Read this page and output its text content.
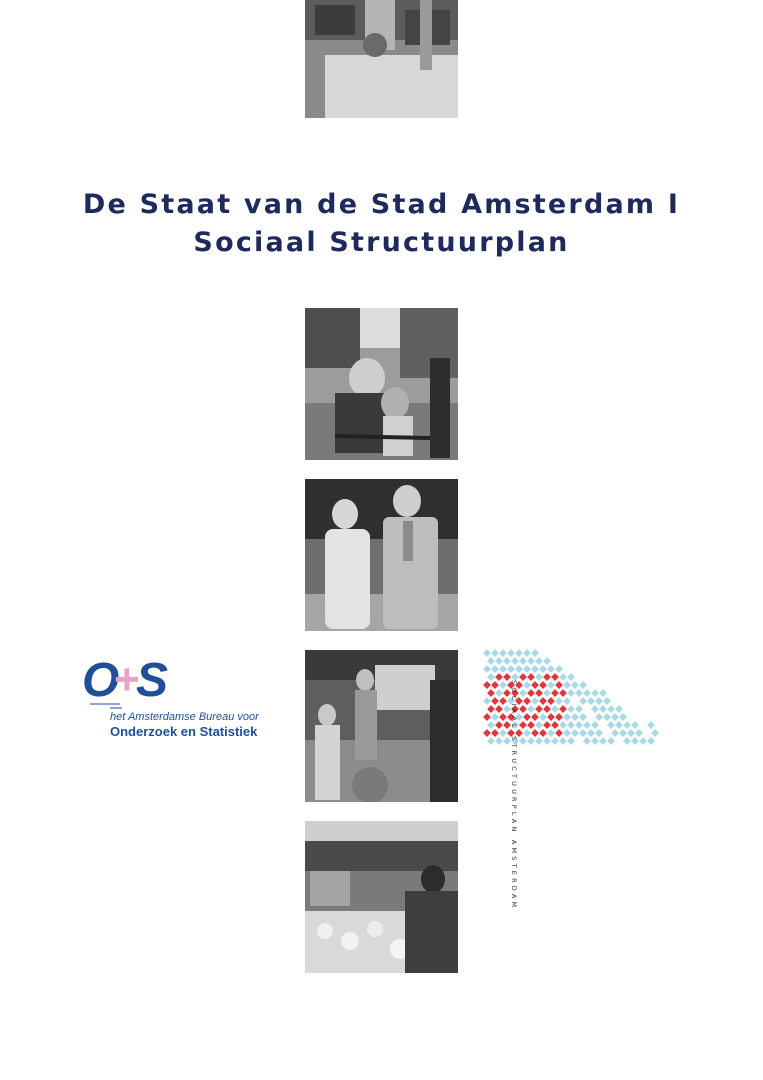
De Staat van de Stad Amsterdam I
Sociaal Structuurplan
O
+
S
het Amsterdamse Bureau voor
Onderzoek en Statistiek	SOCIAAL STRUCTUURPLAN AMSTERDAM
